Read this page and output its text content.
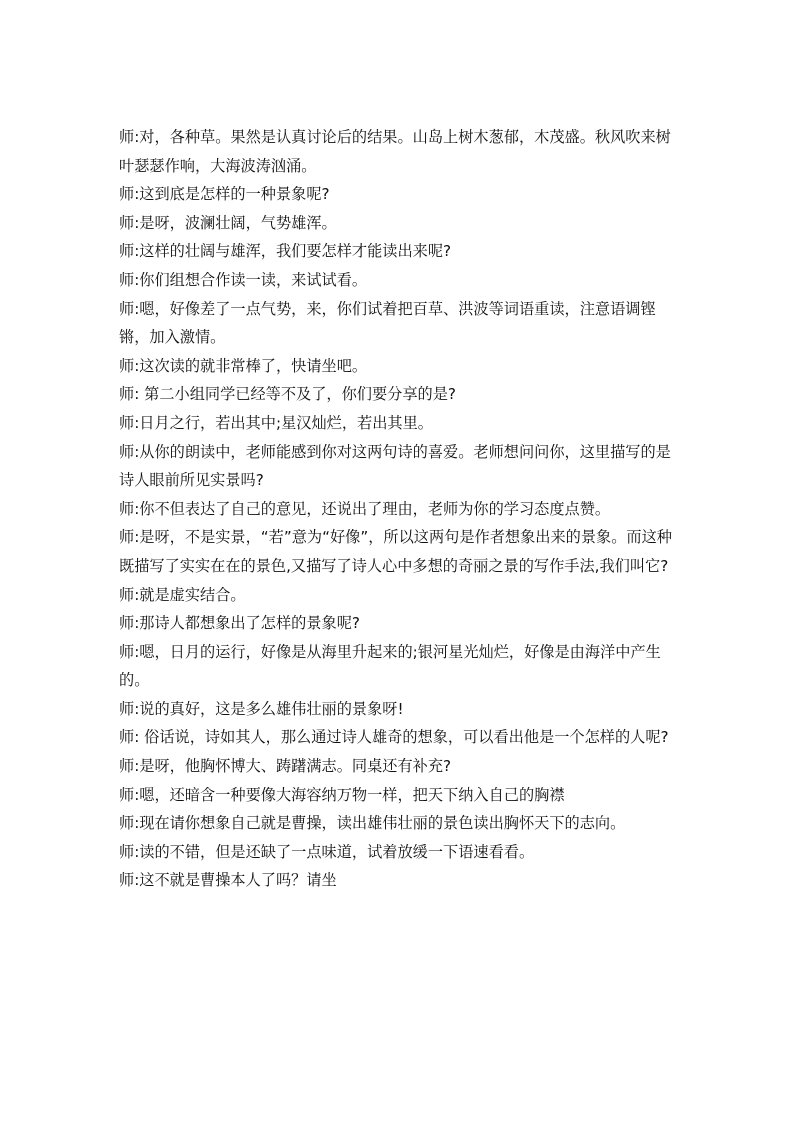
师:对，各种草。果然是认真讨论后的结果。山岛上树木葱郁，木茂盛。秋风吹来树叶瑟瑟作响，大海波涛汹涌。

师:这到底是怎样的一种景象呢?

师:是呀，波澜壮阔，气势雄浑。

师:这样的壮阔与雄浑，我们要怎样才能读出来呢?

师:你们组想合作读一读，来试试看。

师:嗯，好像差了一点气势，来，你们试着把百草、洪波等词语重读，注意语调铿锵，加入激情。

师:这次读的就非常棒了，快请坐吧。

师: 第二小组同学已经等不及了，你们要分享的是?

师:日月之行，若出其中;星汉灿烂，若出其里。

师:从你的朗读中，老师能感到你对这两句诗的喜爱。老师想问问你，这里描写的是诗人眼前所见实景吗?

师:你不但表达了自己的意见，还说出了理由，老师为你的学习态度点赞。

师:是呀，不是实景，“若”意为“好像”，所以这两句是作者想象出来的景象。而这种既描写了实实在在的景色,又描写了诗人心中多想的奇丽之景的写作手法,我们叫它?

师:就是虚实结合。

师:那诗人都想象出了怎样的景象呢?

师:嗯，日月的运行，好像是从海里升起来的;银河星光灿烂，好像是由海洋中产生的。

师:说的真好，这是多么雄伟壮丽的景象呀!

师: 俗话说，诗如其人，那么通过诗人雄奇的想象，可以看出他是一个怎样的人呢?

师:是呀，他胸怀博大、踌躇满志。同桌还有补充?

师:嗯，还暗含一种要像大海容纳万物一样，把天下纳入自己的胸襟

师:现在请你想象自己就是曹操，读出雄伟壮丽的景色读出胸怀天下的志向。

师:读的不错，但是还缺了一点味道，试着放缓一下语速看看。

师:这不就是曹操本人了吗？请坐
